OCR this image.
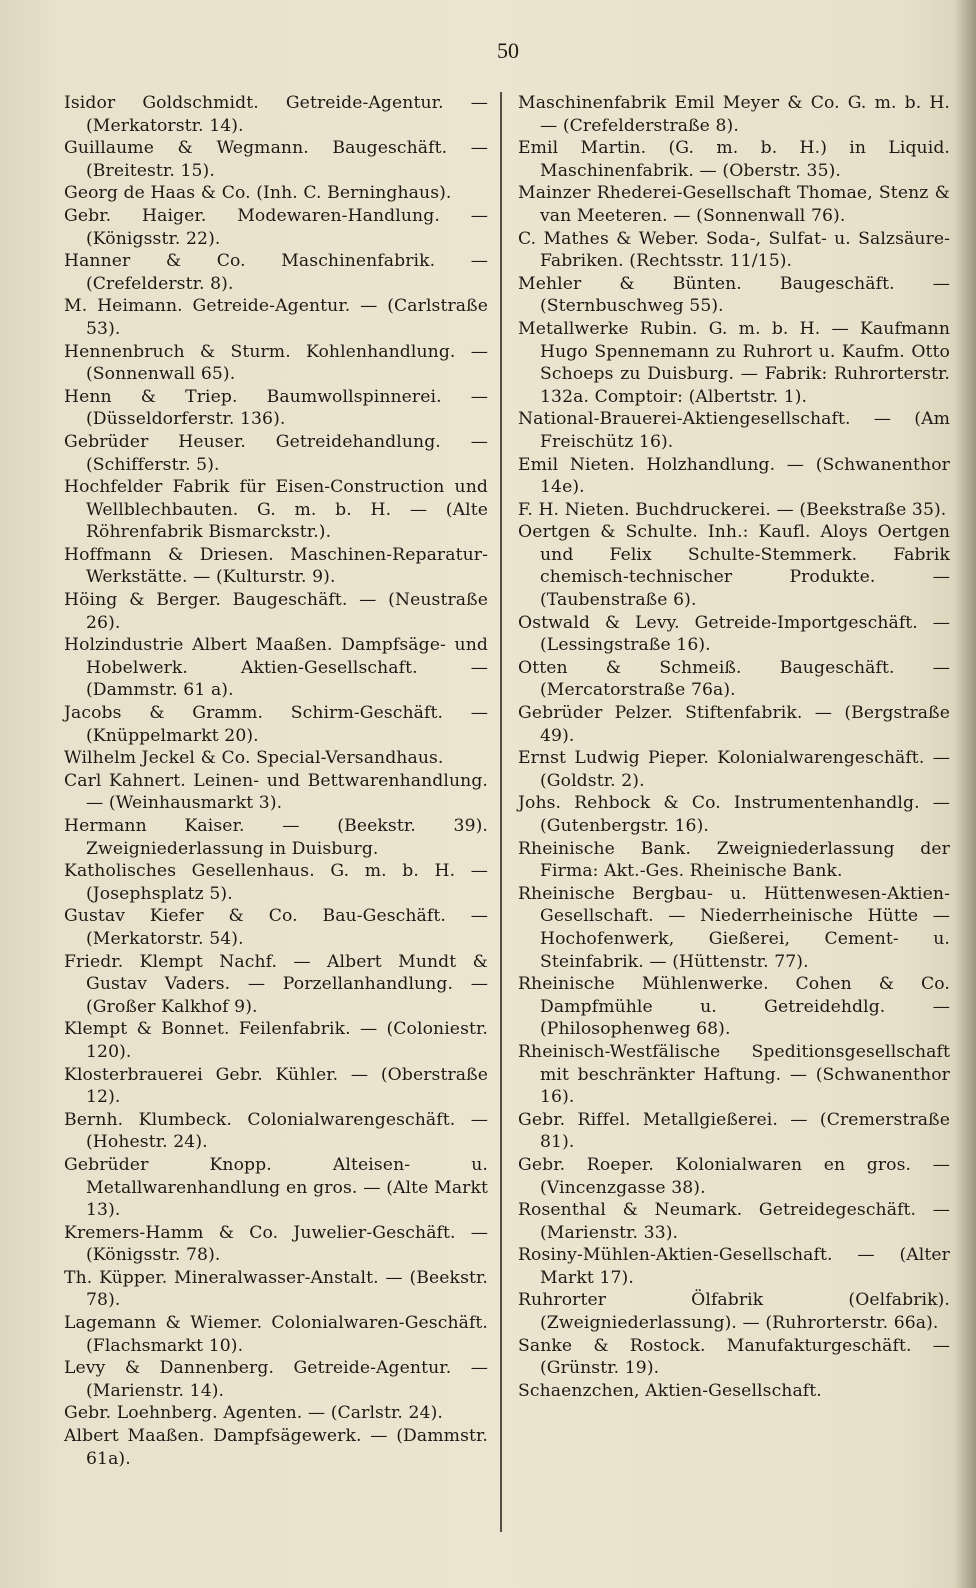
50
Isidor Goldschmidt. Getreide-Agentur. — (Merkatorstr. 14).
Guillaume & Wegmann. Baugeschäft. — (Breitestr. 15).
Georg de Haas & Co. (Inh. C. Berninghaus).
Gebr. Haiger. Modewaren-Handlung. — (Königsstr. 22).
Hanner & Co. Maschinenfabrik. — (Crefelderstr. 8).
M. Heimann. Getreide-Agentur. — (Carlstraße 53).
Hennenbruch & Sturm. Kohlenhandlung. — (Sonnenwall 65).
Henn & Triep. Baumwollspinnerei. — (Düsseldorferstr. 136).
Gebrüder Heuser. Getreidehandlung. — (Schifferstr. 5).
Hochfelder Fabrik für Eisen-Construction und Wellblechbauten. G. m. b. H. — (Alte Röhrenfabrik Bismarckstr.).
Hoffmann & Driesen. Maschinen-Reparatur-Werkstätte. — (Kulturstr. 9).
Höing & Berger. Baugeschäft. — (Neustraße 26).
Holzindustrie Albert Maaßen. Dampfsäge- und Hobelwerk. Aktien-Gesellschaft. — (Dammstr. 61 a).
Jacobs & Gramm. Schirm-Geschäft. — (Knüppelmarkt 20).
Wilhelm Jeckel & Co. Special-Versandhaus.
Carl Kahnert. Leinen- und Bettwarenhandlung. — (Weinhausmarkt 3).
Hermann Kaiser. — (Beekstr. 39). Zweigniederlassung in Duisburg.
Katholisches Gesellenhaus. G. m. b. H. — (Josephsplatz 5).
Gustav Kiefer & Co. Bau-Geschäft. — (Merkatorstr. 54).
Friedr. Klempt Nachf. — Albert Mundt & Gustav Vaders. — Porzellanhandlung. — (Großer Kalkhof 9).
Klempt & Bonnet. Feilenfabrik. — (Coloniestr. 120).
Klosterbrauerei Gebr. Kühler. — (Oberstraße 12).
Bernh. Klumbeck. Colonialwarengeschäft. — (Hohestr. 24).
Gebrüder Knopp. Alteisen- u. Metallwarenhandlung en gros. — (Alte Markt 13).
Kremers-Hamm & Co. Juwelier-Geschäft. — (Königsstr. 78).
Th. Küpper. Mineralwasser-Anstalt. — (Beekstr. 78).
Lagemann & Wiemer. Colonialwaren-Geschäft. (Flachsmarkt 10).
Levy & Dannenberg. Getreide-Agentur. — (Marienstr. 14).
Gebr. Loehnberg. Agenten. — (Carlstr. 24).
Albert Maaßen. Dampfsägewerk. — (Dammstr. 61a).
Maschinenfabrik Emil Meyer & Co. G. m. b. H. — (Crefelderstraße 8).
Emil Martin. (G. m. b. H.) in Liquid. Maschinenfabrik. — (Oberstr. 35).
Mainzer Rhederei-Gesellschaft Thomae, Stenz & van Meeteren. — (Sonnenwall 76).
C. Mathes & Weber. Soda-, Sulfat- u. Salzsäure-Fabriken. (Rechtsstr. 11/15).
Mehler & Bünten. Baugeschäft. — (Sternbuschweg 55).
Metallwerke Rubin. G. m. b. H. — Kaufmann Hugo Spennemann zu Ruhrort u. Kaufm. Otto Schoeps zu Duisburg. — Fabrik: Ruhrorterstr. 132a. Comptoir: (Albertstr. 1).
National-Brauerei-Aktiengesellschaft. — (Am Freischütz 16).
Emil Nieten. Holzhandlung. — (Schwanenthor 14e).
F. H. Nieten. Buchdruckerei. — (Beekstraße 35).
Oertgen & Schulte. Inh.: Kaufl. Aloys Oertgen und Felix Schulte-Stemmerk. Fabrik chemisch-technischer Produkte. — (Taubenstraße 6).
Ostwald & Levy. Getreide-Importgeschäft. — (Lessingstraße 16).
Otten & Schmeiß. Baugeschäft. — (Mercatorstraße 76a).
Gebrüder Pelzer. Stiftenfabrik. — (Bergstraße 49).
Ernst Ludwig Pieper. Kolonialwarengeschäft. — (Goldstr. 2).
Johs. Rehbock & Co. Instrumentenhandlg. — (Gutenbergstr. 16).
Rheinische Bank. Zweigniederlassung der Firma: Akt.-Ges. Rheinische Bank.
Rheinische Bergbau- u. Hüttenwesen-Aktien-Gesellschaft. — Niederrheinische Hütte — Hochofenwerk, Gießerei, Cement- u. Steinfabrik. — (Hüttenstr. 77).
Rheinische Mühlenwerke. Cohen & Co. Dampfmühle u. Getreidehdlg. — (Philosophenweg 68).
Rheinisch-Westfälische Speditionsgesellschaft mit beschränkter Haftung. — (Schwanenthor 16).
Gebr. Riffel. Metallgießerei. — (Cremerstraße 81).
Gebr. Roeper. Kolonialwaren en gros. — (Vincenzgasse 38).
Rosenthal & Neumark. Getreidegeschäft. — (Marienstr. 33).
Rosiny-Mühlen-Aktien-Gesellschaft. — (Alter Markt 17).
Ruhrorter Ölfabrik (Oelfabrik). (Zweigniederlassung). — (Ruhrorterstr. 66a).
Sanke & Rostock. Manufakturgeschäft. — (Grünstr. 19).
Schaenzchen, Aktien-Gesellschaft.
